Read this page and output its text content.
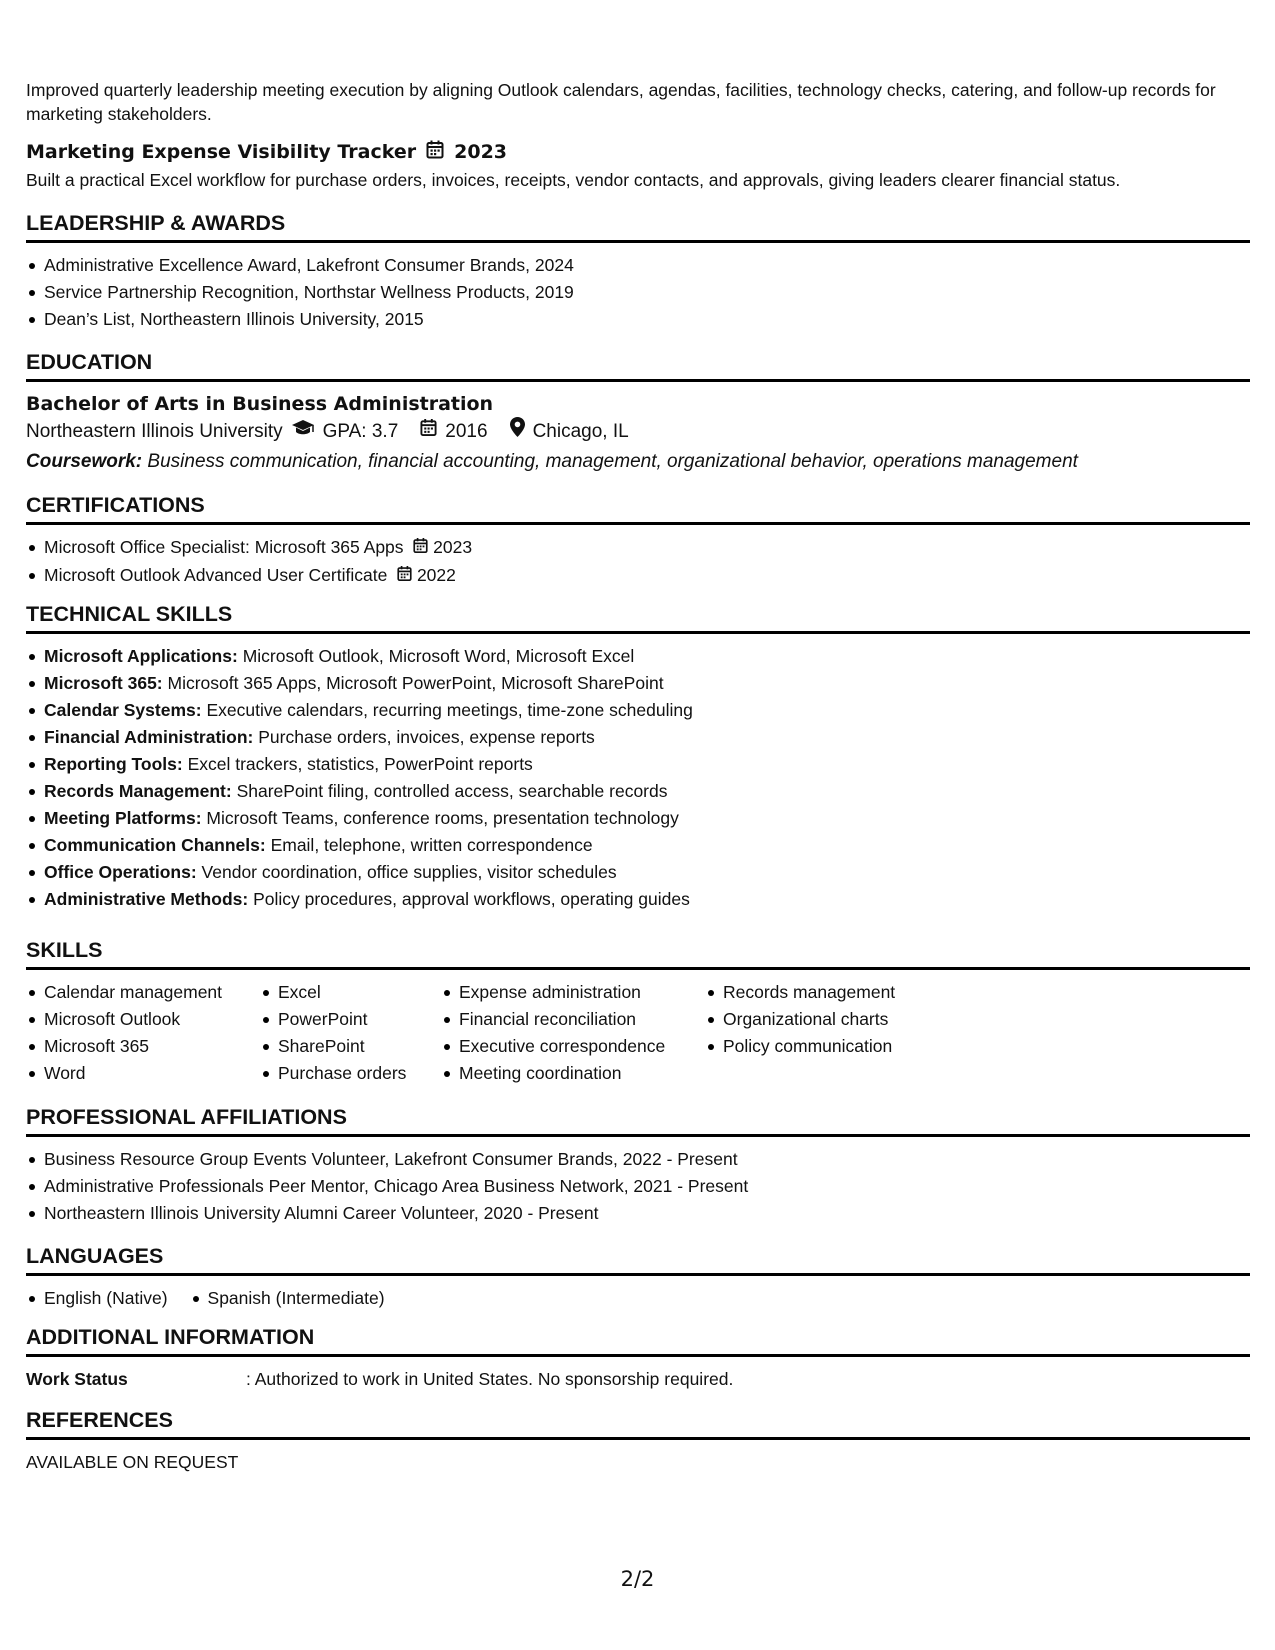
Improved quarterly leadership meeting execution by aligning Outlook calendars, agendas, facilities, technology checks, catering, and follow-up records for marketing stakeholders.

Marketing Expense Visibility Tracker 2023

Built a practical Excel workflow for purchase orders, invoices, receipts, vendor contacts, and approvals, giving leaders clearer financial status.

LEADERSHIP & AWARDS
Administrative Excellence Award, Lakefront Consumer Brands, 2024
Service Partnership Recognition, Northstar Wellness Products, 2019
Dean’s List, Northeastern Illinois University, 2015
EDUCATION
Bachelor of Arts in Business Administration
Northeastern Illinois University GPA: 3.7 2016 Chicago, IL
Coursework: Business communication, financial accounting, management, organizational behavior, operations management
CERTIFICATIONS
Microsoft Office Specialist: Microsoft 365 Apps 2023
Microsoft Outlook Advanced User Certificate 2022
TECHNICAL SKILLS
Microsoft Applications: Microsoft Outlook, Microsoft Word, Microsoft Excel
Microsoft 365: Microsoft 365 Apps, Microsoft PowerPoint, Microsoft SharePoint
Calendar Systems: Executive calendars, recurring meetings, time-zone scheduling
Financial Administration: Purchase orders, invoices, expense reports
Reporting Tools: Excel trackers, statistics, PowerPoint reports
Records Management: SharePoint filing, controlled access, searchable records
Meeting Platforms: Microsoft Teams, conference rooms, presentation technology
Communication Channels: Email, telephone, written correspondence
Office Operations: Vendor coordination, office supplies, visitor schedules
Administrative Methods: Policy procedures, approval workflows, operating guides
SKILLS
Calendar management
Microsoft Outlook
Microsoft 365
Word
Excel
PowerPoint
SharePoint
Purchase orders
Expense administration
Financial reconciliation
Executive correspondence
Meeting coordination
Records management
Organizational charts
Policy communication
PROFESSIONAL AFFILIATIONS
Business Resource Group Events Volunteer, Lakefront Consumer Brands, 2022 - Present
Administrative Professionals Peer Mentor, Chicago Area Business Network, 2021 - Present
Northeastern Illinois University Alumni Career Volunteer, 2020 - Present
LANGUAGES
English (Native)	Spanish (Intermediate)
ADDITIONAL INFORMATION
Work Status	: Authorized to work in United States. No sponsorship required.
REFERENCES
AVAILABLE ON REQUEST
2/2
